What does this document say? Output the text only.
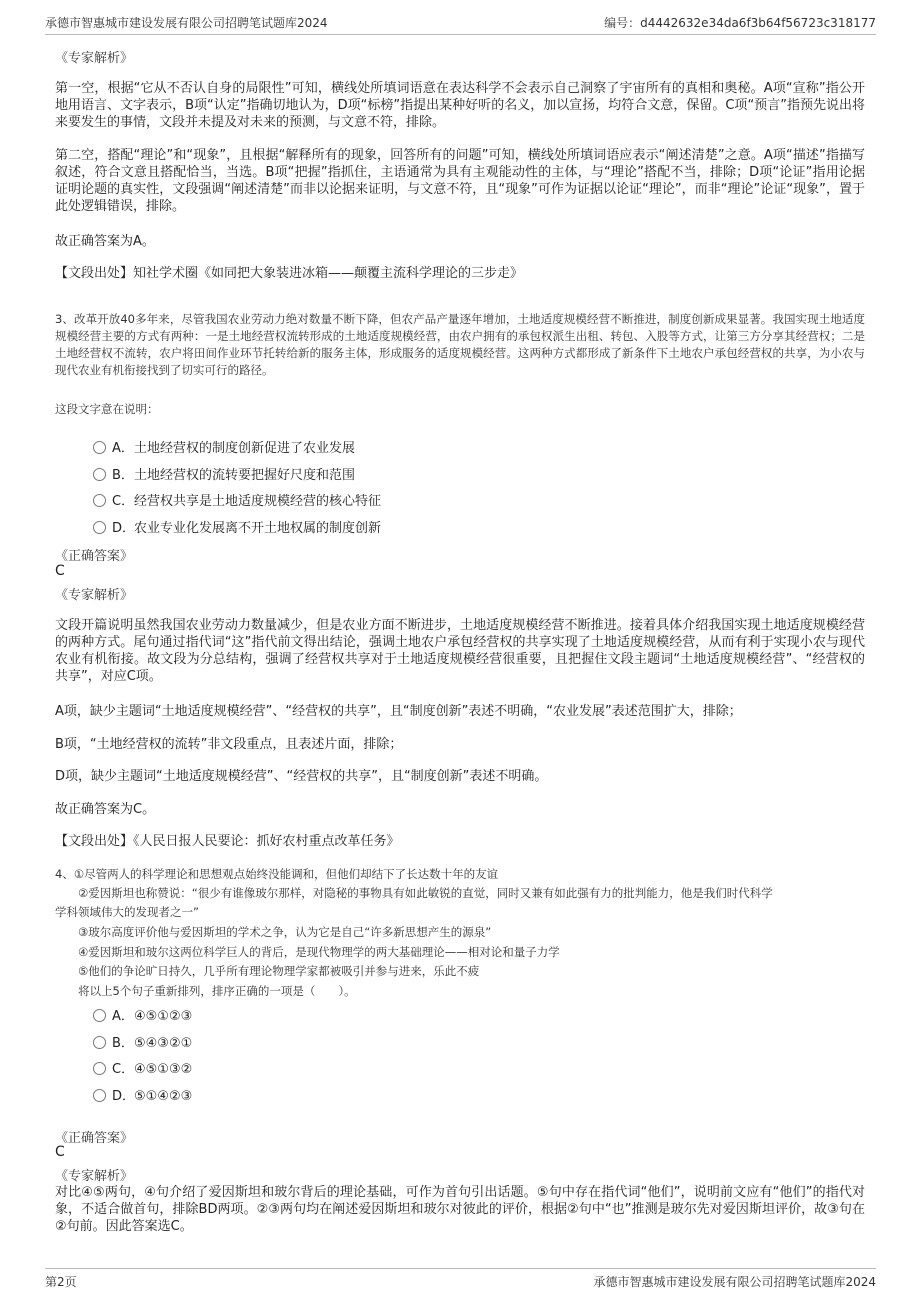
承德市智惠城市建设发展有限公司招聘笔试题库2024	编号：d4442632e34da6f3b64f56723c318177
《专家解析》
第一空，根据“它从不否认自身的局限性”可知，横线处所填词语意在表达科学不会表示自己洞察了宇宙所有的真相和奥秘。A项“宣称”指公开地用语言、文字表示，B项“认定”指确切地认为，D项“标榜”指提出某种好听的名义，加以宣扬，均符合文意，保留。C项“预言”指预先说出将来要发生的事情，文段并未提及对未来的预测，与文意不符，排除。
第二空，搭配“理论”和“现象”，且根据“解释所有的现象，回答所有的问题”可知，横线处所填词语应表示“阐述清楚”之意。A项“描述”指描写叙述，符合文意且搭配恰当，当选。B项“把握”指抓住，主语通常为具有主观能动性的主体，与“理论”搭配不当，排除；D项“论证”指用论据证明论题的真实性，文段强调“阐述清楚”而非以论据来证明，与文意不符，且“现象”可作为证据以论证“理论”，而非“理论”论证“现象”，置于此处逻辑错误，排除。
故正确答案为A。
【文段出处】知社学术圈《如同把大象装进冰箱——颠覆主流科学理论的三步走》
3、改革开放40多年来，尽管我国农业劳动力绝对数量不断下降，但农产品产量逐年增加，土地适度规模经营不断推进，制度创新成果显著。我国实现土地适度规模经营主要的方式有两种：一是土地经营权流转形成的土地适度规模经营，由农户拥有的承包权派生出租、转包、入股等方式，让第三方分享其经营权；二是土地经营权不流转，农户将田间作业环节托转给新的服务主体，形成服务的适度规模经营。这两种方式都形成了新条件下土地农户承包经营权的共享，为小农与现代农业有机衔接找到了切实可行的路径。
这段文字意在说明：
A．土地经营权的制度创新促进了农业发展
B．土地经营权的流转要把握好尺度和范围
C．经营权共享是土地适度规模经营的核心特征
D．农业专业化发展离不开土地权属的制度创新
《正确答案》
C
《专家解析》
文段开篇说明虽然我国农业劳动力数量减少，但是农业方面不断进步，土地适度规模经营不断推进。接着具体介绍我国实现土地适度规模经营的两种方式。尾句通过指代词“这”指代前文得出结论，强调土地农户承包经营权的共享实现了土地适度规模经营，从而有利于实现小农与现代农业有机衔接。故文段为分总结构，强调了经营权共享对于土地适度规模经营很重要，且把握住文段主题词“土地适度规模经营”、“经营权的共享”，对应C项。
A项，缺少主题词“土地适度规模经营”、“经营权的共享”，且“制度创新”表述不明确，“农业发展”表述范围扩大，排除；
B项，“土地经营权的流转”非文段重点，且表述片面，排除；
D项，缺少主题词“土地适度规模经营”、“经营权的共享”，且“制度创新”表述不明确。
故正确答案为C。
【文段出处】《人民日报人民要论：抓好农村重点改革任务》
4、①尽管两人的科学理论和思想观点始终没能调和，但他们却结下了长达数十年的友谊
②爱因斯坦也称赞说：“很少有谁像玻尔那样，对隐秘的事物具有如此敏锐的直觉，同时又兼有如此强有力的批判能力，他是我们时代科学
学科领域伟大的发现者之一”
③玻尔高度评价他与爱因斯坦的学术之争，认为它是自己“许多新思想产生的源泉”
④爱因斯坦和玻尔这两位科学巨人的背后，是现代物理学的两大基础理论——相对论和量子力学
⑤他们的争论旷日持久，几乎所有理论物理学家都被吸引并参与进来，乐此不疲
将以上5个句子重新排列，排序正确的一项是（　　）。
A．④⑤①②③
B．⑤④③②①
C．④⑤①③②
D．⑤①④②③
《正确答案》
C
《专家解析》
对比④⑤两句，④句介绍了爱因斯坦和玻尔背后的理论基础，可作为首句引出话题。⑤句中存在指代词“他们”，说明前文应有“他们”的指代对象，不适合做首句，排除BD两项。②③两句均在阐述爱因斯坦和玻尔对彼此的评价，根据②句中“也”推测是玻尔先对爱因斯坦评价，故③句在②句前。因此答案选C。
第2页	承德市智惠城市建设发展有限公司招聘笔试题库2024
